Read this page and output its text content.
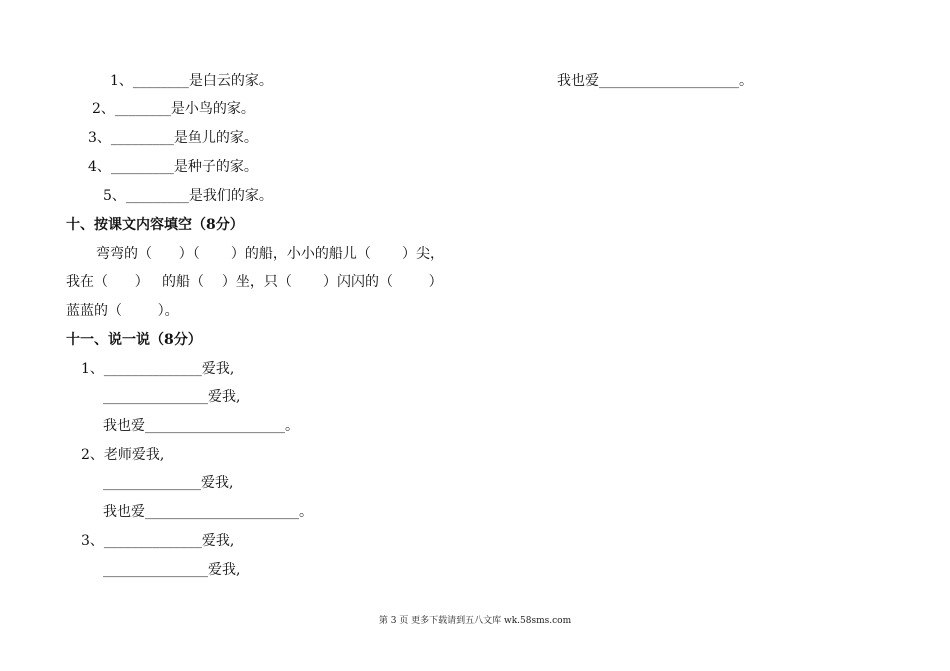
1、________是白云的家。
2、________是小鸟的家。
3、_________是鱼儿的家。
4、_________是种子的家。
5、_________是我们的家。
我也爱____________________。
十、按课文内容填空（8分）
弯弯的（      ）（       ）的船，小小的船儿（       ）尖，
我在（      ）   的船（    ）坐，只（       ）闪闪的（        ）
蓝蓝的（        ）。
十一、说一说（8分）
1、______________爱我,
_______________爱我,
我也爱____________________。
2、老师爱我,
______________爱我,
我也爱______________________。
3、______________爱我,
_______________爱我,
第 3 页 更多下载请到五八文库 wk.58sms.com
